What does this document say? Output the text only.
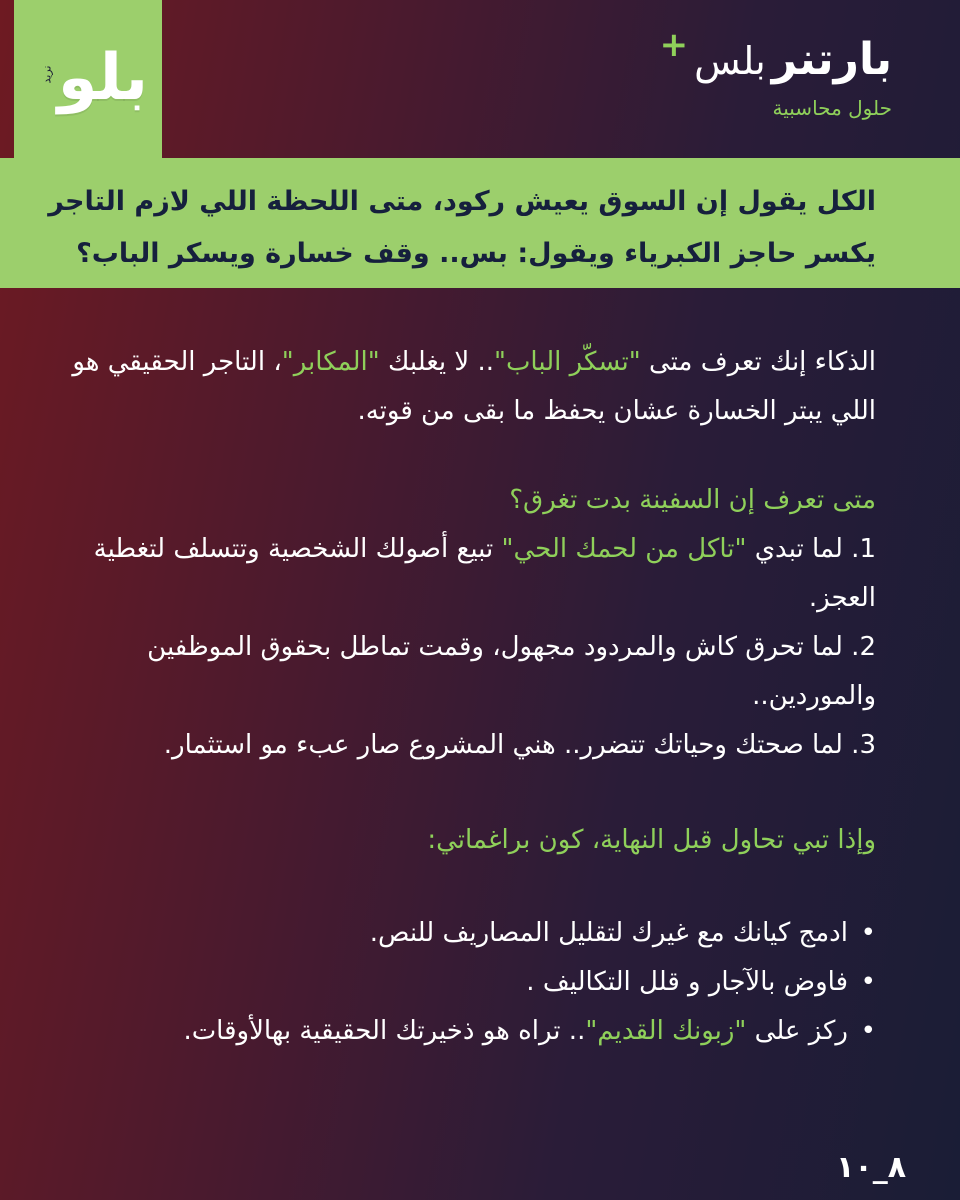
بلو
نريد	بارتنر
بلس
+
حلول محاسبية
الكل يقول إن السوق يعيش ركود، متى اللحظة اللي لازم التاجر يكسر حاجز الكبرياء ويقول: بس.. وقف خسارة ويسكر الباب؟

الذكاء إنك تعرف متى "تسكّر الباب".. لا يغلبك "المكابر"، التاجر الحقيقي هو اللي يبتر الخسارة عشان يحفظ ما بقى من قوته.

متى تعرف إن السفينة بدت تغرق؟

1. لما تبدي "تاكل من لحمك الحي" تبيع أصولك الشخصية وتتسلف لتغطية العجز.

2. لما تحرق كاش والمردود مجهول، وقمت تماطل بحقوق الموظفين والموردين..

3. لما صحتك وحياتك تتضرر.. هني المشروع صار عبء مو استثمار.

وإذا تبي تحاول قبل النهاية، كون براغماتي:

• ادمج كيانك مع غيرك لتقليل المصاريف للنص.
• فاوض بالآجار و قلل التكاليف .
• ركز على "زبونك القديم".. تراه هو ذخيرتك الحقيقية بهالأوقات.
٨_١٠
